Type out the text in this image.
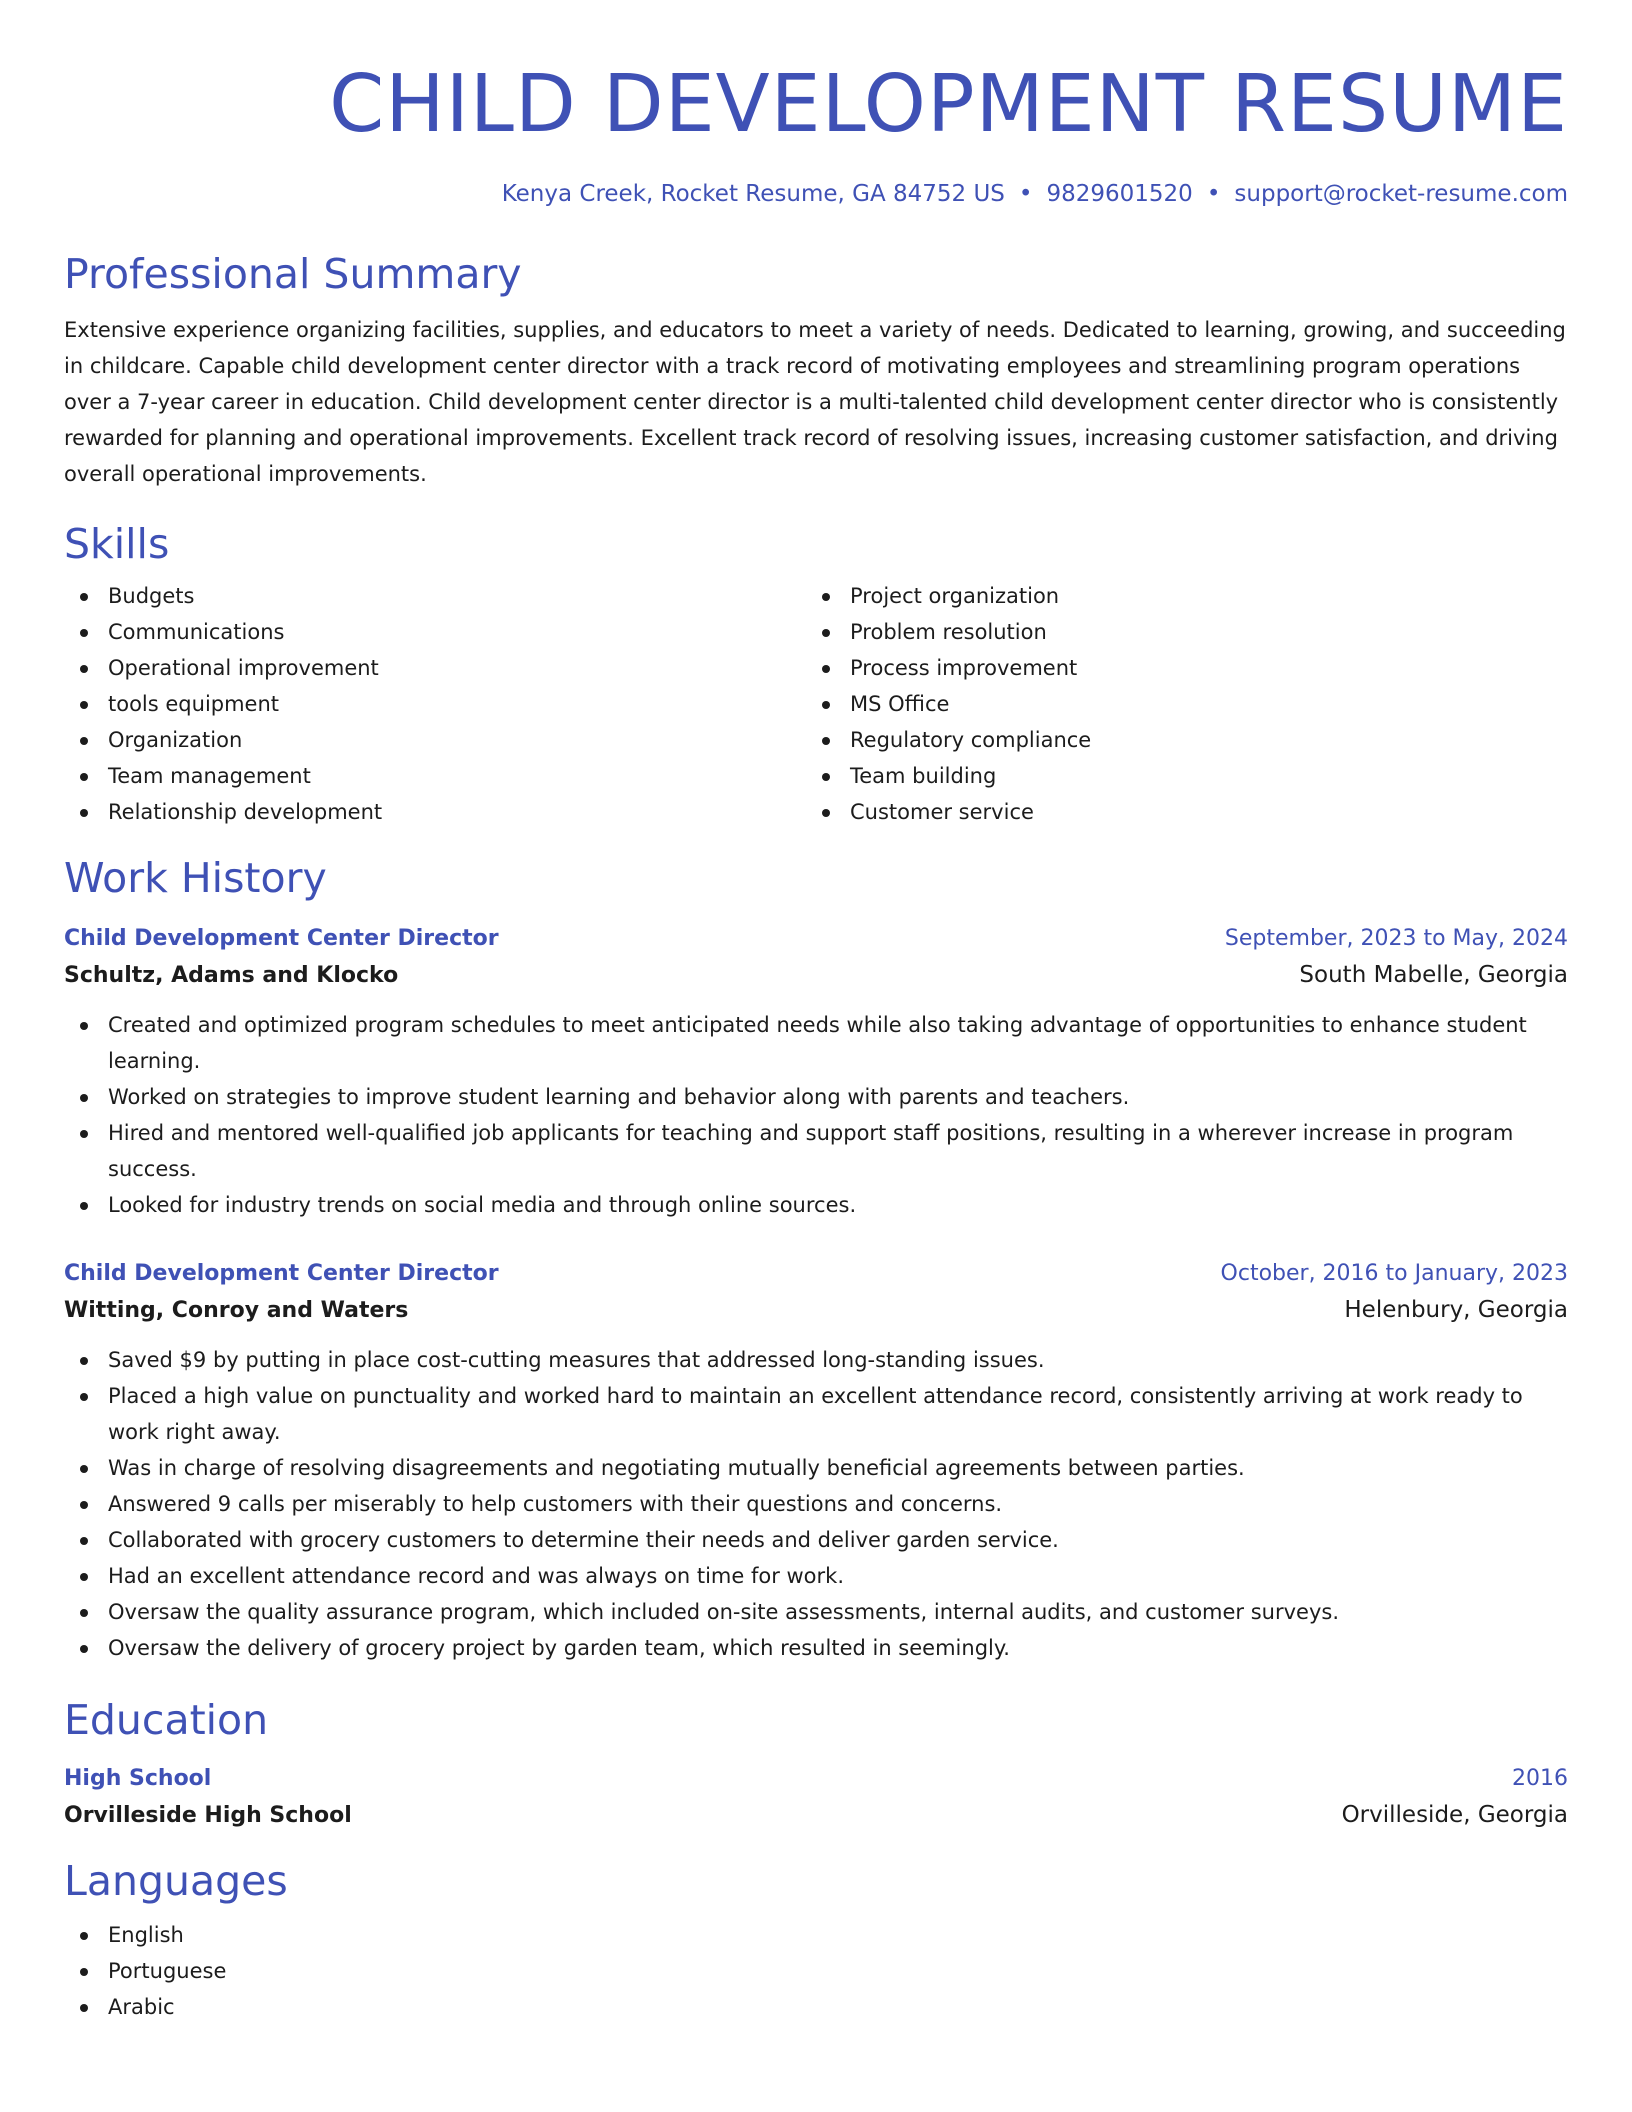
CHILD DEVELOPMENT RESUME
Kenya Creek, Rocket Resume, GA 84752 US • 9829601520 • support@rocket-resume.com
Professional Summary
Extensive experience organizing facilities, supplies, and educators to meet a variety of needs. Dedicated to learning, growing, and succeeding in childcare. Capable child development center director with a track record of motivating employees and streamlining program operations over a 7-year career in education. Child development center director is a multi-talented child development center director who is consistently rewarded for planning and operational improvements. Excellent track record of resolving issues, increasing customer satisfaction, and driving overall operational improvements.
Skills
Budgets
Communications
Operational improvement
tools equipment
Organization
Team management
Relationship development
Project organization
Problem resolution
Process improvement
MS Office
Regulatory compliance
Team building
Customer service
Work History
Child Development Center Director	September, 2023 to May, 2024
Schultz, Adams and Klocko	South Mabelle, Georgia
Created and optimized program schedules to meet anticipated needs while also taking advantage of opportunities to enhance student learning.
Worked on strategies to improve student learning and behavior along with parents and teachers.
Hired and mentored well-qualified job applicants for teaching and support staff positions, resulting in a wherever increase in program success.
Looked for industry trends on social media and through online sources.
Child Development Center Director	October, 2016 to January, 2023
Witting, Conroy and Waters	Helenbury, Georgia
Saved $9 by putting in place cost-cutting measures that addressed long-standing issues.
Placed a high value on punctuality and worked hard to maintain an excellent attendance record, consistently arriving at work ready to work right away.
Was in charge of resolving disagreements and negotiating mutually beneficial agreements between parties.
Answered 9 calls per miserably to help customers with their questions and concerns.
Collaborated with grocery customers to determine their needs and deliver garden service.
Had an excellent attendance record and was always on time for work.
Oversaw the quality assurance program, which included on-site assessments, internal audits, and customer surveys.
Oversaw the delivery of grocery project by garden team, which resulted in seemingly.
Education
High School	2016
Orvilleside High School	Orvilleside, Georgia
Languages
English
Portuguese
Arabic
